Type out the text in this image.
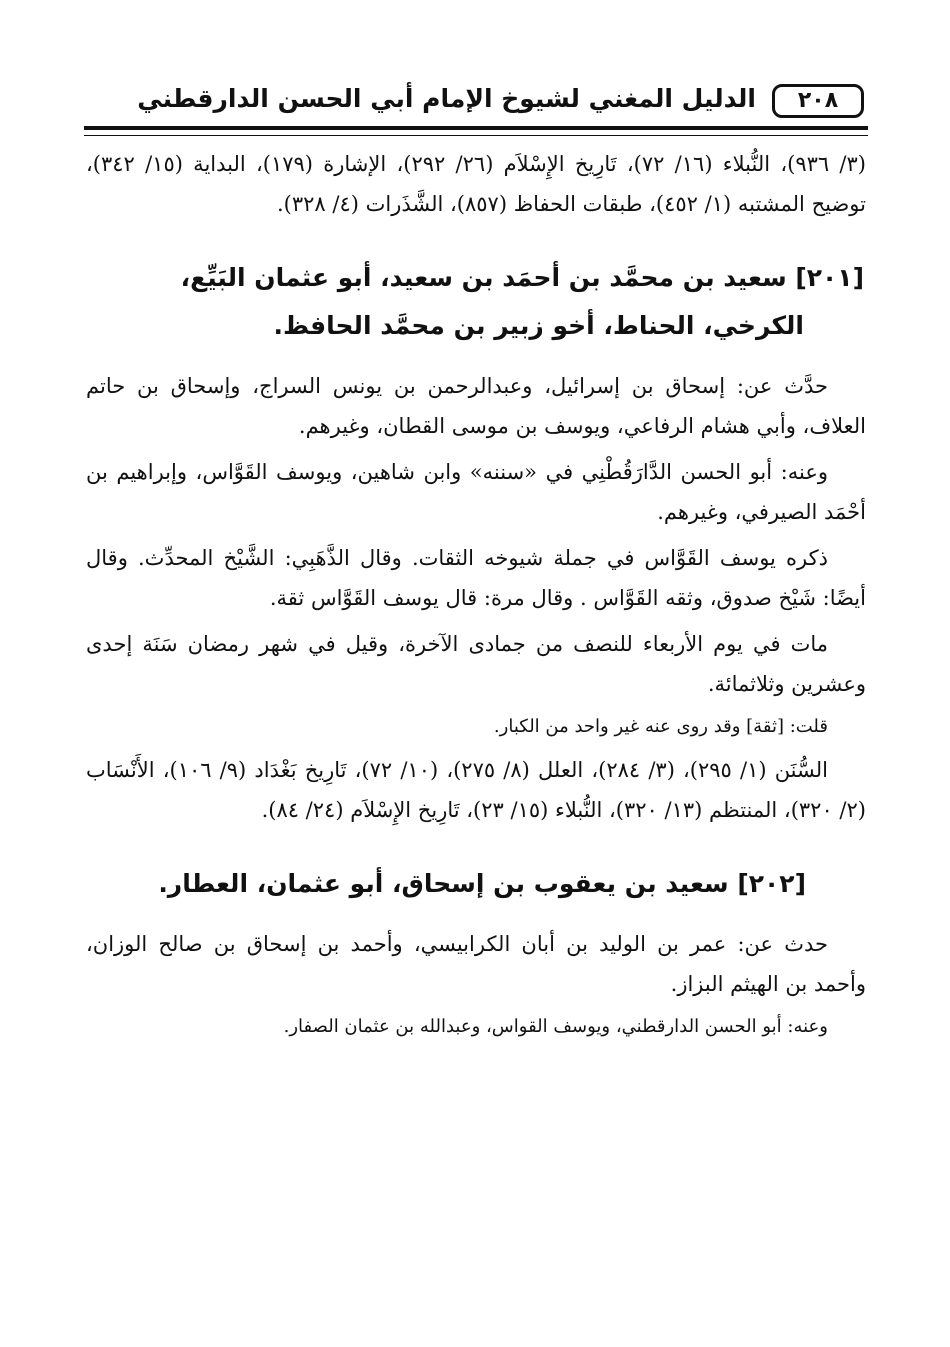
٢٠٨
الدليل المغني لشيوخ الإمام أبي الحسن الدارقطني

(٣/ ٩٣٦)، النُّبلاء (١٦/ ٧٢)، تَارِيخ الإِسْلاَم (٢٦/ ٢٩٢)، الإشارة (١٧٩)، البداية (١٥/ ٣٤٢)، توضيح المشتبه (١/ ٤٥٢)، طبقات الحفاظ (٨٥٧)، الشَّذَرات (٤/ ٣٢٨).

[٢٠١] سعيد بن محمَّد بن أحمَد بن سعيد، أبو عثمان البَيِّع،
الكرخي، الحناط، أخو زبير بن محمَّد الحافظ.

حدَّث عن: إسحاق بن إسرائيل، وعبدالرحمن بن يونس السراج، وإسحاق بن حاتم العلاف، وأبي هشام الرفاعي، ويوسف بن موسى القطان، وغيرهم.

وعنه: أبو الحسن الدَّارَقُطْنِي في «سننه» وابن شاهين، ويوسف القَوَّاس، وإبراهيم بن أحْمَد الصيرفي، وغيرهم.

ذكره يوسف القَوَّاس في جملة شيوخه الثقات. وقال الذَّهَبِي: الشَّيْخ المحدِّث. وقال أيضًا: شَيْخ صدوق، وثقه القَوَّاس . وقال مرة: قال يوسف القَوَّاس ثقة.

مات في يوم الأربعاء للنصف من جمادى الآخرة، وقيل في شهر رمضان سَنَة إحدى وعشرين وثلاثمائة.

قلت: [ثقة] وقد روى عنه غير واحد من الكبار.

السُّنَن (١/ ٢٩٥)، (٣/ ٢٨٤)، العلل (٨/ ٢٧٥)، (١٠/ ٧٢)، تَارِيخ بَغْدَاد (٩/ ١٠٦)، الأَنْسَاب (٢/ ٣٢٠)، المنتظم (١٣/ ٣٢٠)، النُّبلاء (١٥/ ٢٣)، تَارِيخ الإِسْلاَم (٢٤/ ٨٤).

[٢٠٢] سعيد بن يعقوب بن إسحاق، أبو عثمان، العطار.

حدث عن: عمر بن الوليد بن أبان الكرابيسي، وأحمد بن إسحاق بن صالح الوزان، وأحمد بن الهيثم البزاز.

وعنه: أبو الحسن الدارقطني، ويوسف القواس، وعبدالله بن عثمان الصفار.
